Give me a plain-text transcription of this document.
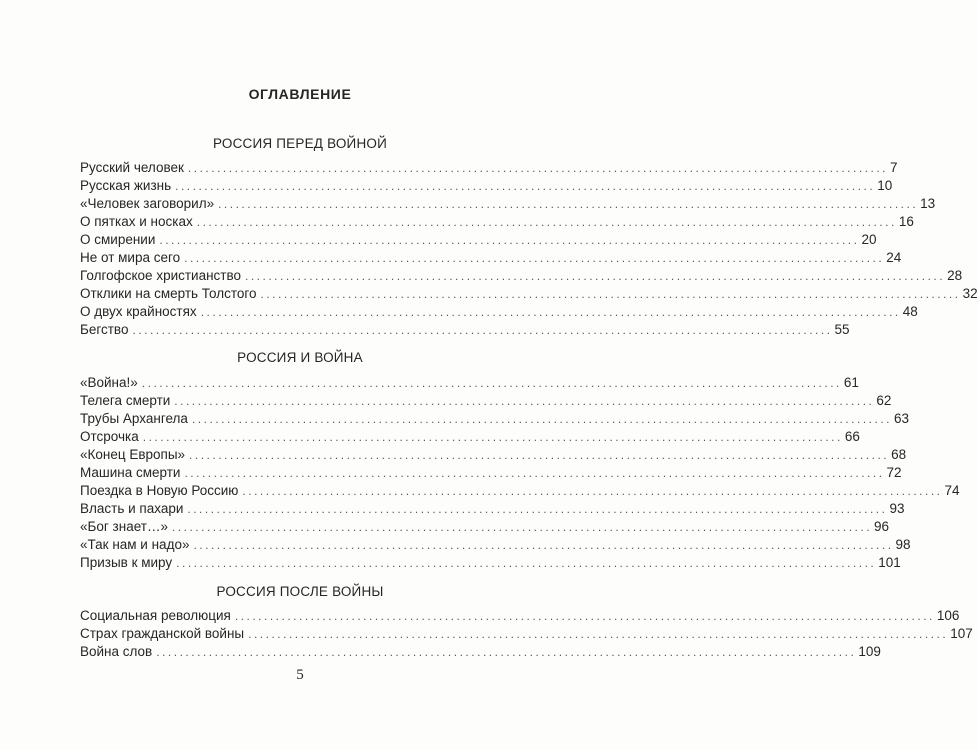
ОГЛАВЛЕНИЕ
РОССИЯ ПЕРЕД ВОЙНОЙ
Русский человек ........................................................................................................................ 7
Русская жизнь ........................................................................................................................ 10
«Человек заговорил» ........................................................................................................................ 13
О пятках и носках ........................................................................................................................ 16
О смирении ........................................................................................................................ 20
Не от мира сего ........................................................................................................................ 24
Голгофское христианство ........................................................................................................................ 28
Отклики на смерть Толстого ........................................................................................................................ 32
О двух крайностях ........................................................................................................................ 48
Бегство ........................................................................................................................ 55
РОССИЯ И ВОЙНА
«Война!» ........................................................................................................................ 61
Телега смерти ........................................................................................................................ 62
Трубы Архангела ........................................................................................................................ 63
Отсрочка ........................................................................................................................ 66
«Конец Европы» ........................................................................................................................ 68
Машина смерти ........................................................................................................................ 72
Поездка в Новую Россию ........................................................................................................................ 74
Власть и пахари ........................................................................................................................ 93
«Бог знает…» ........................................................................................................................ 96
«Так нам и надо» ........................................................................................................................ 98
Призыв к миру ........................................................................................................................ 101
РОССИЯ ПОСЛЕ ВОЙНЫ
Социальная революция ........................................................................................................................ 106
Страх гражданской войны ........................................................................................................................ 107
Война слов ........................................................................................................................ 109
5
